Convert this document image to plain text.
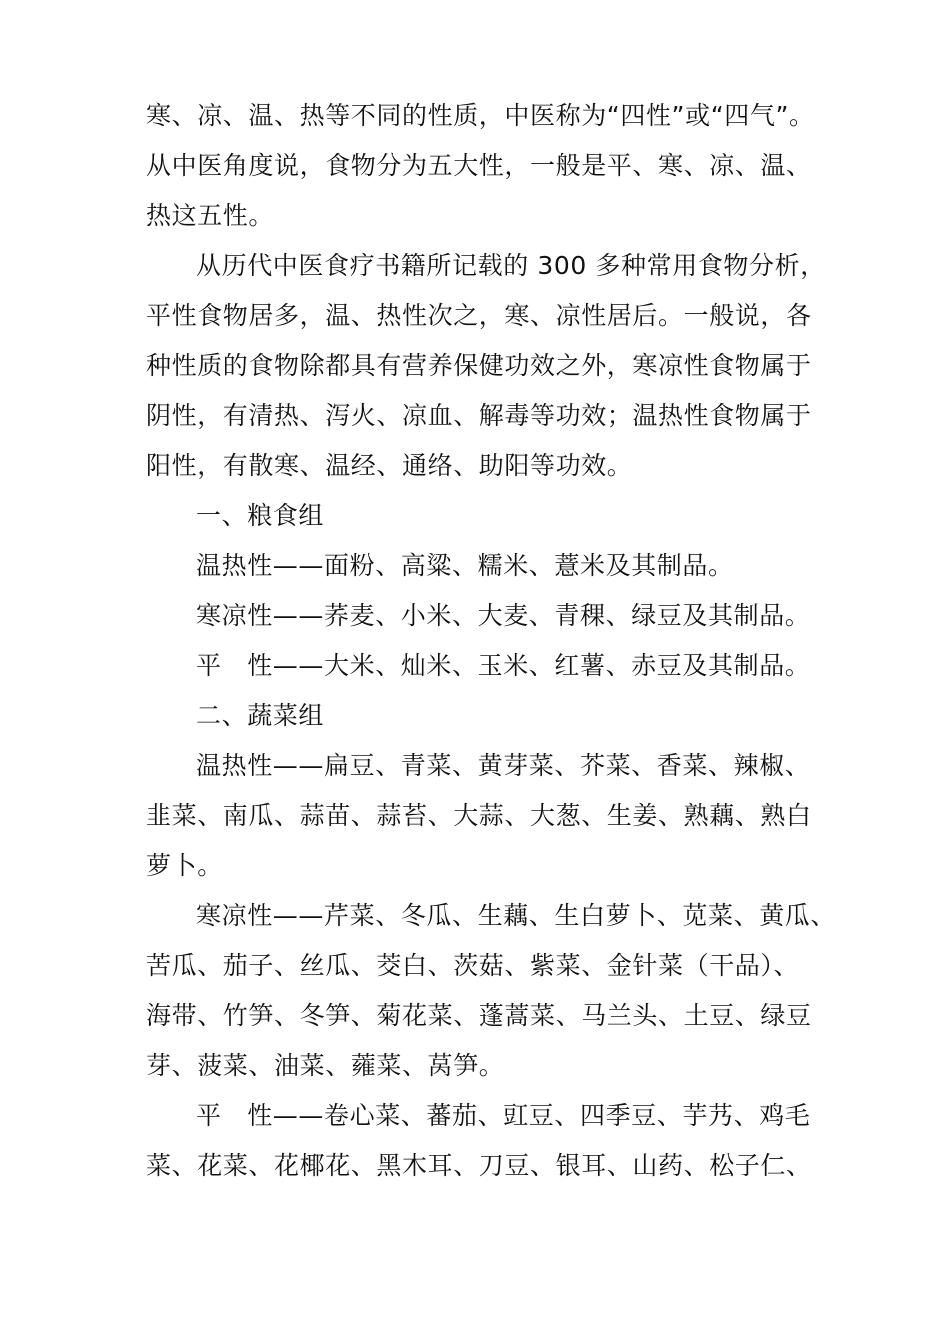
寒、凉、温、热等不同的性质，中医称为“四性”或“四气”。
从中医角度说，食物分为五大性，一般是平、寒、凉、温、
热这五性。
从历代中医食疗书籍所记载的 300 多种常用食物分析，
平性食物居多，温、热性次之，寒、凉性居后。一般说，各
种性质的食物除都具有营养保健功效之外，寒凉性食物属于
阴性，有清热、泻火、凉血、解毒等功效；温热性食物属于
阳性，有散寒、温经、通络、助阳等功效。
一、粮食组
温热性——面粉、高粱、糯米、薏米及其制品。
寒凉性——荞麦、小米、大麦、青稞、绿豆及其制品。
平　性——大米、灿米、玉米、红薯、赤豆及其制品。
二、蔬菜组
温热性——扁豆、青菜、黄芽菜、芥菜、香菜、辣椒、
韭菜、南瓜、蒜苗、蒜苔、大蒜、大葱、生姜、熟藕、熟白
萝卜。
寒凉性——芹菜、冬瓜、生藕、生白萝卜、苋菜、黄瓜、
苦瓜、茄子、丝瓜、茭白、茨菇、紫菜、金针菜（干品）、
海带、竹笋、冬笋、菊花菜、蓬蒿菜、马兰头、土豆、绿豆
芽、菠菜、油菜、蕹菜、莴笋。
平　性——卷心菜、蕃茄、豇豆、四季豆、芋艿、鸡毛
菜、花菜、花椰花、黑木耳、刀豆、银耳、山药、松子仁、
